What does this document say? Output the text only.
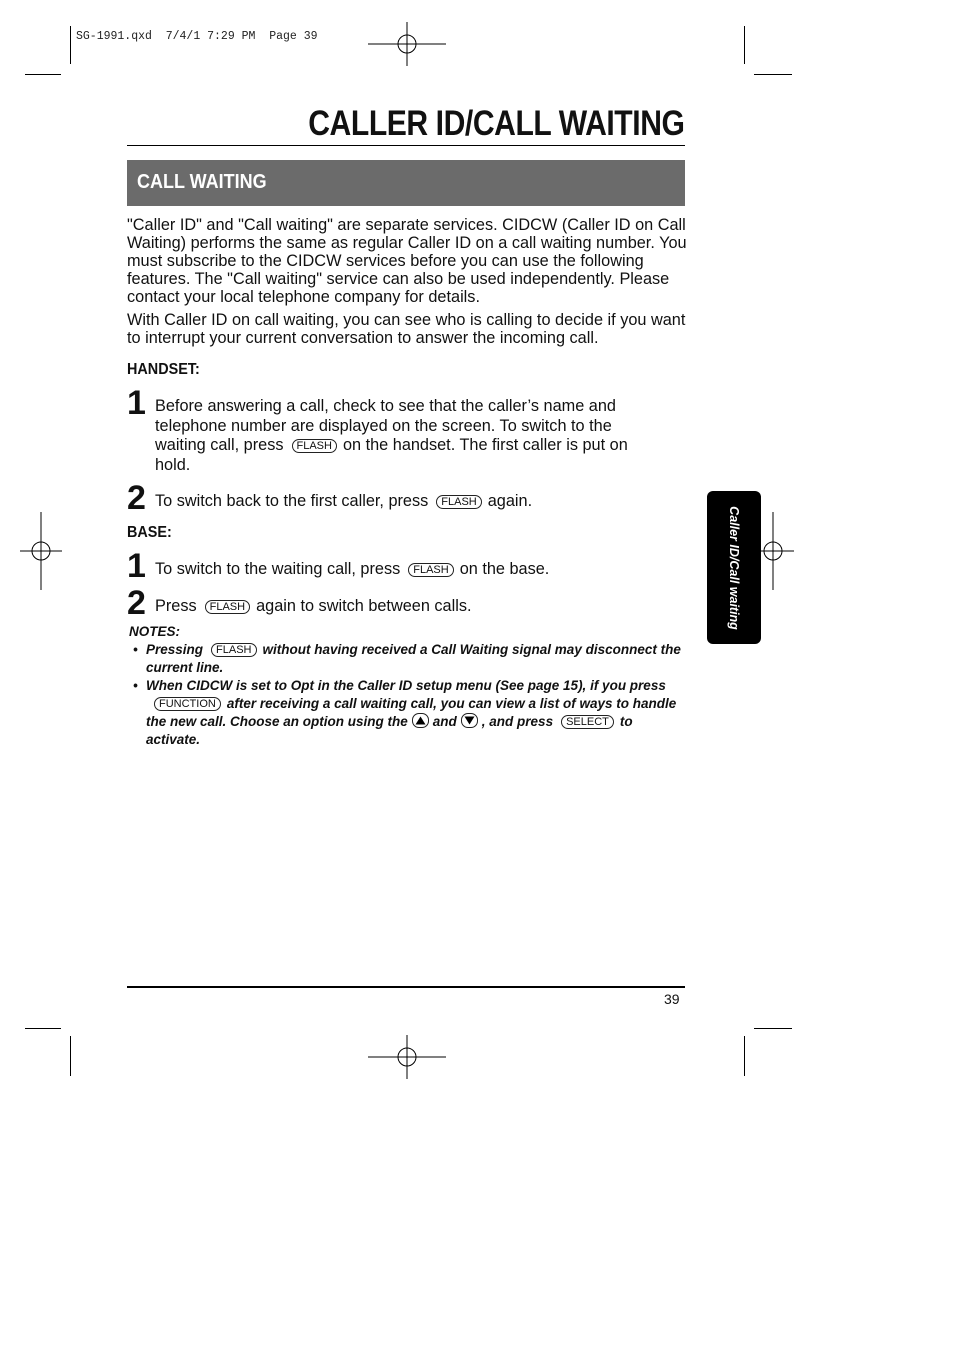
SG-1991.qxd  7/4/1 7:29 PM  Page 39
CALLER ID/CALL WAITING
CALL WAITING
"Caller ID" and "Call waiting" are separate services. CIDCW (Caller ID on Call Waiting) performs the same as regular Caller ID on a call waiting number. You must subscribe to the CIDCW services before you can use the following features. The "Call waiting" service can also be used independently. Please contact your local telephone company for details.
With Caller ID on call waiting, you can see who is calling to decide if you want to interrupt your current conversation to answer the incoming call.
HANDSET:
1 Before answering a call, check to see that the caller’s name and telephone number are displayed on the screen. To switch to the waiting call, press FLASH on the handset. The first caller is put on hold.
2 To switch back to the first caller, press FLASH again.
BASE:
1 To switch to the waiting call, press FLASH on the base.
2 Press FLASH again to switch between calls.
NOTES:
• Pressing FLASH without having received a Call Waiting signal may disconnect the current line.
• When CIDCW is set to Opt in the Caller ID setup menu (See page 15), if you pressFUNCTION after receiving a call waiting call, you can view a list of ways to handle the new call. Choose an option using the and , and press SELECT to activate.
Caller ID/Call waiting
39
